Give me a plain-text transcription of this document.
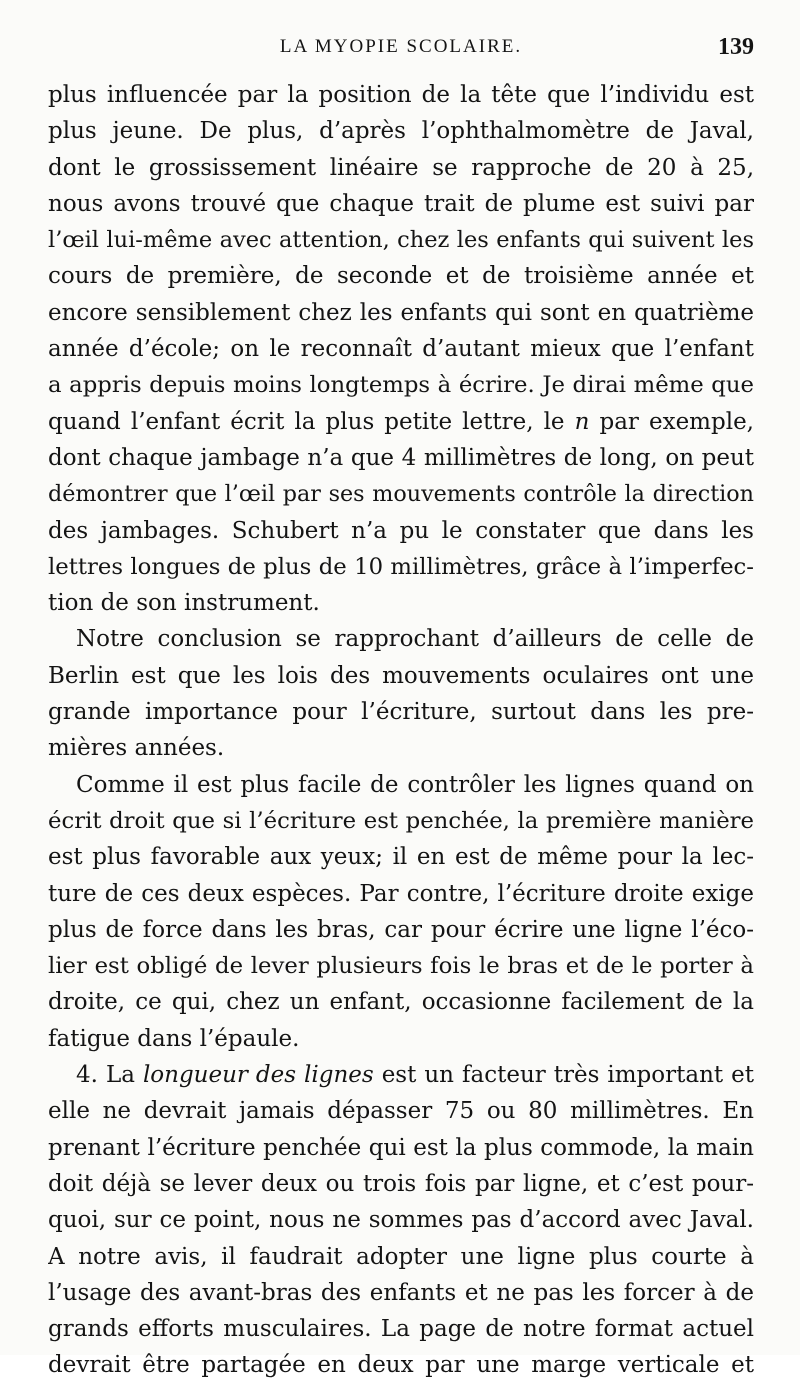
LA MYOPIE SCOLAIRE.	139
plus influencée par la position de la tête que l’individu est
plus jeune. De plus, d’après l’ophthalmomètre de Javal,
dont le grossissement linéaire se rapproche de 20 à 25,
nous avons trouvé que chaque trait de plume est suivi par
l’œil lui-même avec attention, chez les enfants qui suivent les
cours de première, de seconde et de troisième année et
encore sensiblement chez les enfants qui sont en quatrième
année d’école; on le reconnaît d’autant mieux que l’enfant
a appris depuis moins longtemps à écrire. Je dirai même que
quand l’enfant écrit la plus petite lettre, le n par exemple,
dont chaque jambage n’a que 4 millimètres de long, on peut
démontrer que l’œil par ses mouvements contrôle la direction
des jambages. Schubert n’a pu le constater que dans les
lettres longues de plus de 10 millimètres, grâce à l’imperfec-
tion de son instrument.
Notre conclusion se rapprochant d’ailleurs de celle de
Berlin est que les lois des mouvements oculaires ont une
grande importance pour l’écriture, surtout dans les pre-
mières années.
Comme il est plus facile de contrôler les lignes quand on
écrit droit que si l’écriture est penchée, la première manière
est plus favorable aux yeux; il en est de même pour la lec-
ture de ces deux espèces. Par contre, l’écriture droite exige
plus de force dans les bras, car pour écrire une ligne l’éco-
lier est obligé de lever plusieurs fois le bras et de le porter à
droite, ce qui, chez un enfant, occasionne facilement de la
fatigue dans l’épaule.
4. La longueur des lignes est un facteur très important et
elle ne devrait jamais dépasser 75 ou 80 millimètres. En
prenant l’écriture penchée qui est la plus commode, la main
doit déjà se lever deux ou trois fois par ligne, et c’est pour-
quoi, sur ce point, nous ne sommes pas d’accord avec Javal.
A notre avis, il faudrait adopter une ligne plus courte à
l’usage des avant-bras des enfants et ne pas les forcer à de
grands efforts musculaires. La page de notre format actuel
devrait être partagée en deux par une marge verticale et
